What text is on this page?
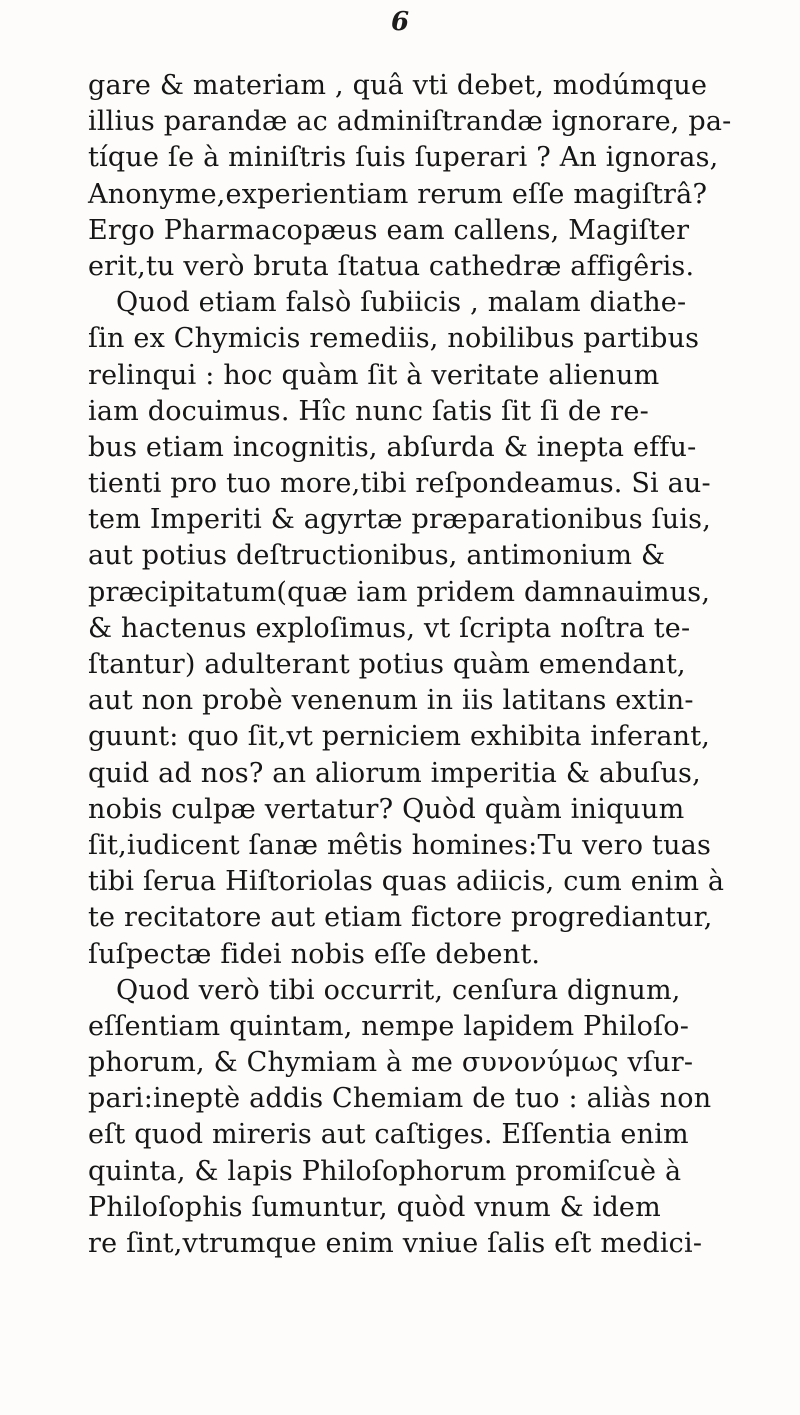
6
gare & materiam , quâ vti debet, modúmque
illius parandæ ac adminiſtrandæ ignorare, pa-
tíque ſe à miniſtris ſuis ſuperari ? An ignoras,
Anonyme,experientiam rerum eſſe magiſtrâ?
Ergo Pharmacopæus eam callens, Magiſter
erit,tu verò bruta ſtatua cathedræ affigêris.
Quod etiam falsò ſubiicis , malam diathe-
ſin ex Chymicis remediis, nobilibus partibus
relinqui : hoc quàm ſit à veritate alienum
iam docuimus. Hîc nunc ſatis ſit ſi de re-
bus etiam incognitis, abſurda & inepta effu-
tienti pro tuo more,tibi reſpondeamus. Si au-
tem Imperiti & agyrtæ præparationibus ſuis,
aut potius deſtructionibus, antimonium &
præcipitatum(quæ iam pridem damnauimus,
& hactenus exploſimus, vt ſcripta noſtra te-
ſtantur) adulterant potius quàm emendant,
aut non probè venenum in iis latitans extin-
guunt: quo ſit,vt perniciem exhibita inferant,
quid ad nos? an aliorum imperitia & abuſus,
nobis culpæ vertatur? Quòd quàm iniquum
ſit,iudicent ſanæ mêtis homines:Tu vero tuas
tibi ſerua Hiſtoriolas quas adiicis, cum enim à
te recitatore aut etiam fictore progrediantur,
ſuſpectæ fidei nobis eſſe debent.
Quod verò tibi occurrit, cenſura dignum,
eſſentiam quintam, nempe lapidem Philoſo-
phorum, & Chymiam à me συνονύμως vſur-
pari:ineptè addis Chemiam de tuo : aliàs non
eſt quod mireris aut caſtiges. Eſſentia enim
quinta, & lapis Philoſophorum promiſcuè à
Philoſophis ſumuntur, quòd vnum & idem
re ſint,vtrumque enim vniue ſalis eſt medici-
